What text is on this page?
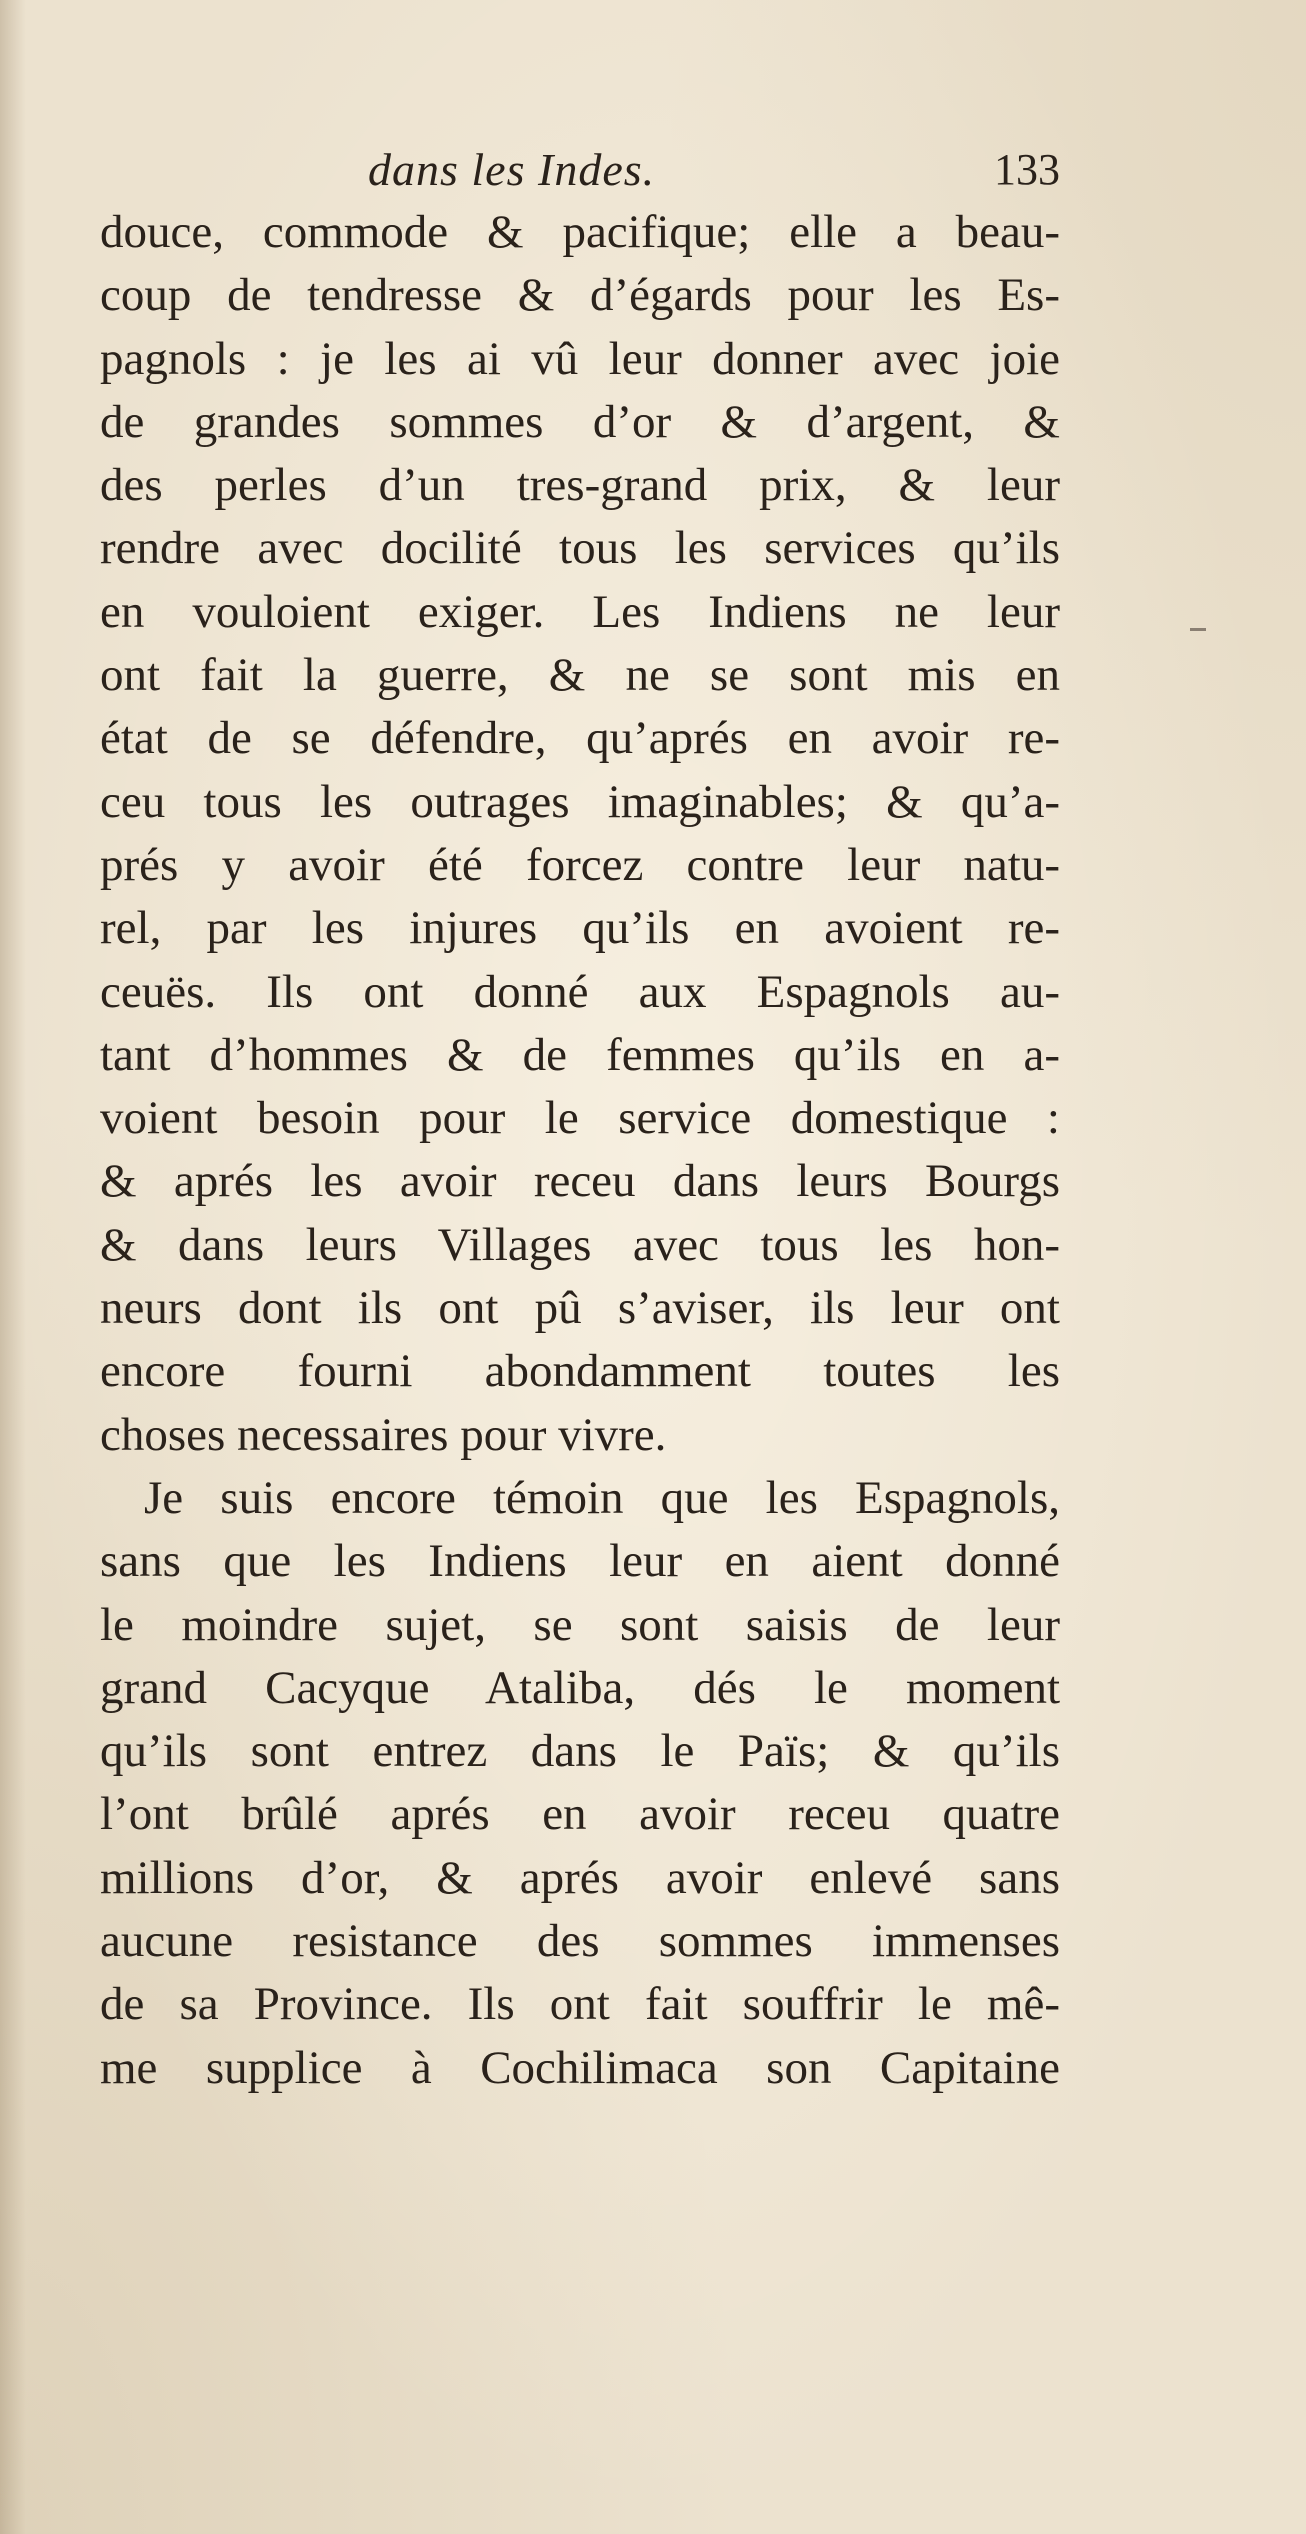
dans les Indes.	133
douce, commode & pacifique; elle a beau-
coup de tendresse & d’égards pour les Es-
pagnols : je les ai vû leur donner avec joie
de grandes sommes d’or & d’argent, &
des perles d’un tres-grand prix, & leur
rendre avec docilité tous les services qu’ils
en vouloient exiger. Les Indiens ne leur
ont fait la guerre, & ne se sont mis en
état de se défendre, qu’aprés en avoir re-
ceu tous les outrages imaginables; & qu’a-
prés y avoir été forcez contre leur natu-
rel, par les injures qu’ils en avoient re-
ceuës. Ils ont donné aux Espagnols au-
tant d’hommes & de femmes qu’ils en a-
voient besoin pour le service domestique :
& aprés les avoir receu dans leurs Bourgs
& dans leurs Villages avec tous les hon-
neurs dont ils ont pû s’aviser, ils leur ont
encore fourni abondamment toutes les
choses necessaires pour vivre.
Je suis encore témoin que les Espagnols,
sans que les Indiens leur en aient donné
le moindre sujet, se sont saisis de leur
grand Cacyque Ataliba, dés le moment
qu’ils sont entrez dans le Païs; & qu’ils
l’ont brûlé aprés en avoir receu quatre
millions d’or, & aprés avoir enlevé sans
aucune resistance des sommes immenses
de sa Province. Ils ont fait souffrir le mê-
me supplice à Cochilimaca son Capitaine
